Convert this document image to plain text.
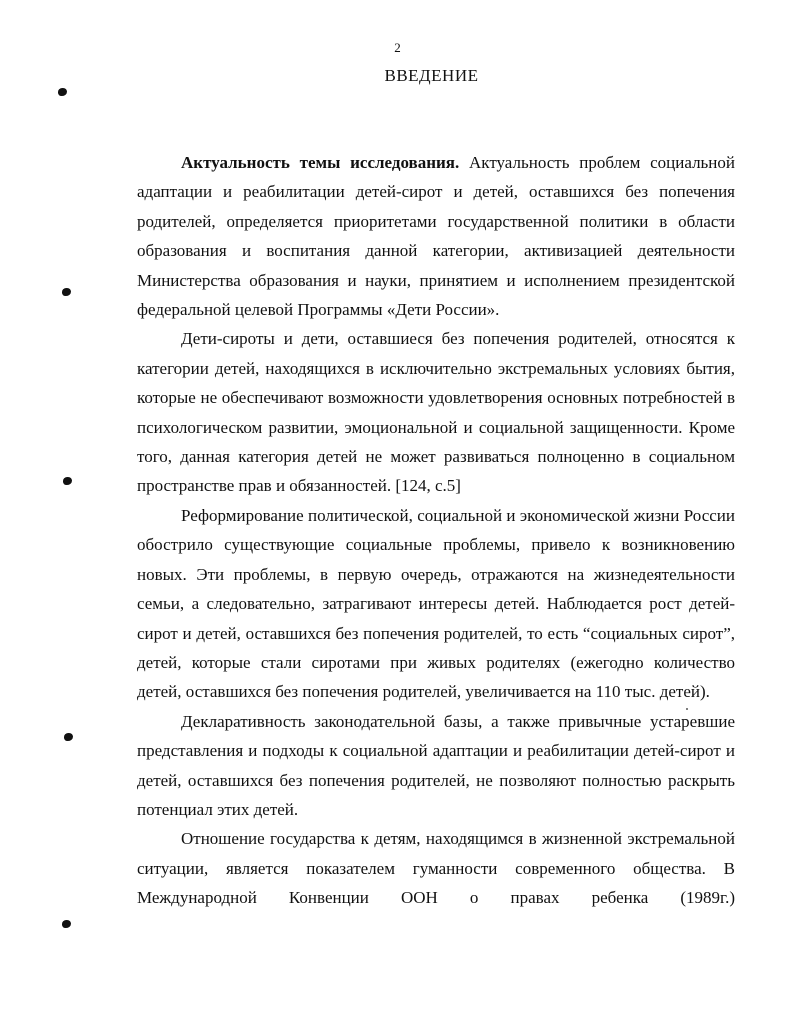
2
ВВЕДЕНИЕ

Актуальность темы исследования. Актуальность проблем социальной адаптации и реабилитации детей-сирот и детей, оставшихся без попечения родителей, определяется приоритетами государственной политики в области образования и воспитания данной категории, активизацией деятельности Министерства образования и науки, принятием и исполнением президентской федеральной целевой Программы «Дети России».

Дети-сироты и дети, оставшиеся без попечения родителей, относятся к категории детей, находящихся в исключительно экстремальных условиях бытия, которые не обеспечивают возможности удовлетворения основных потребностей в психологическом развитии, эмоциональной и социальной защищенности. Кроме того, данная категория детей не может развиваться полноценно в социальном пространстве прав и обязанностей. [124, с.5]

Реформирование политической, социальной и экономической жизни России обострило существующие социальные проблемы, привело к возникновению новых. Эти проблемы, в первую очередь, отражаются на жизнедеятельности семьи, а следовательно, затрагивают интересы детей. Наблюдается рост детей-сирот и детей, оставшихся без попечения родителей, то есть “социальных сирот”, детей, которые стали сиротами при живых родителях (ежегодно количество детей, оставшихся без попечения родителей, увеличивается на 110 тыс. детей).

Декларативность законодательной базы, а также привычные устаревшие представления и подходы к социальной адаптации и реабилитации детей-сирот и детей, оставшихся без попечения родителей, не позволяют полностью раскрыть потенциал этих детей.

Отношение государства к детям, находящимся в жизненной экстремальной ситуации, является показателем гуманности современного общества. В Международной Конвенции ООН о правах ребенка (1989г.)
